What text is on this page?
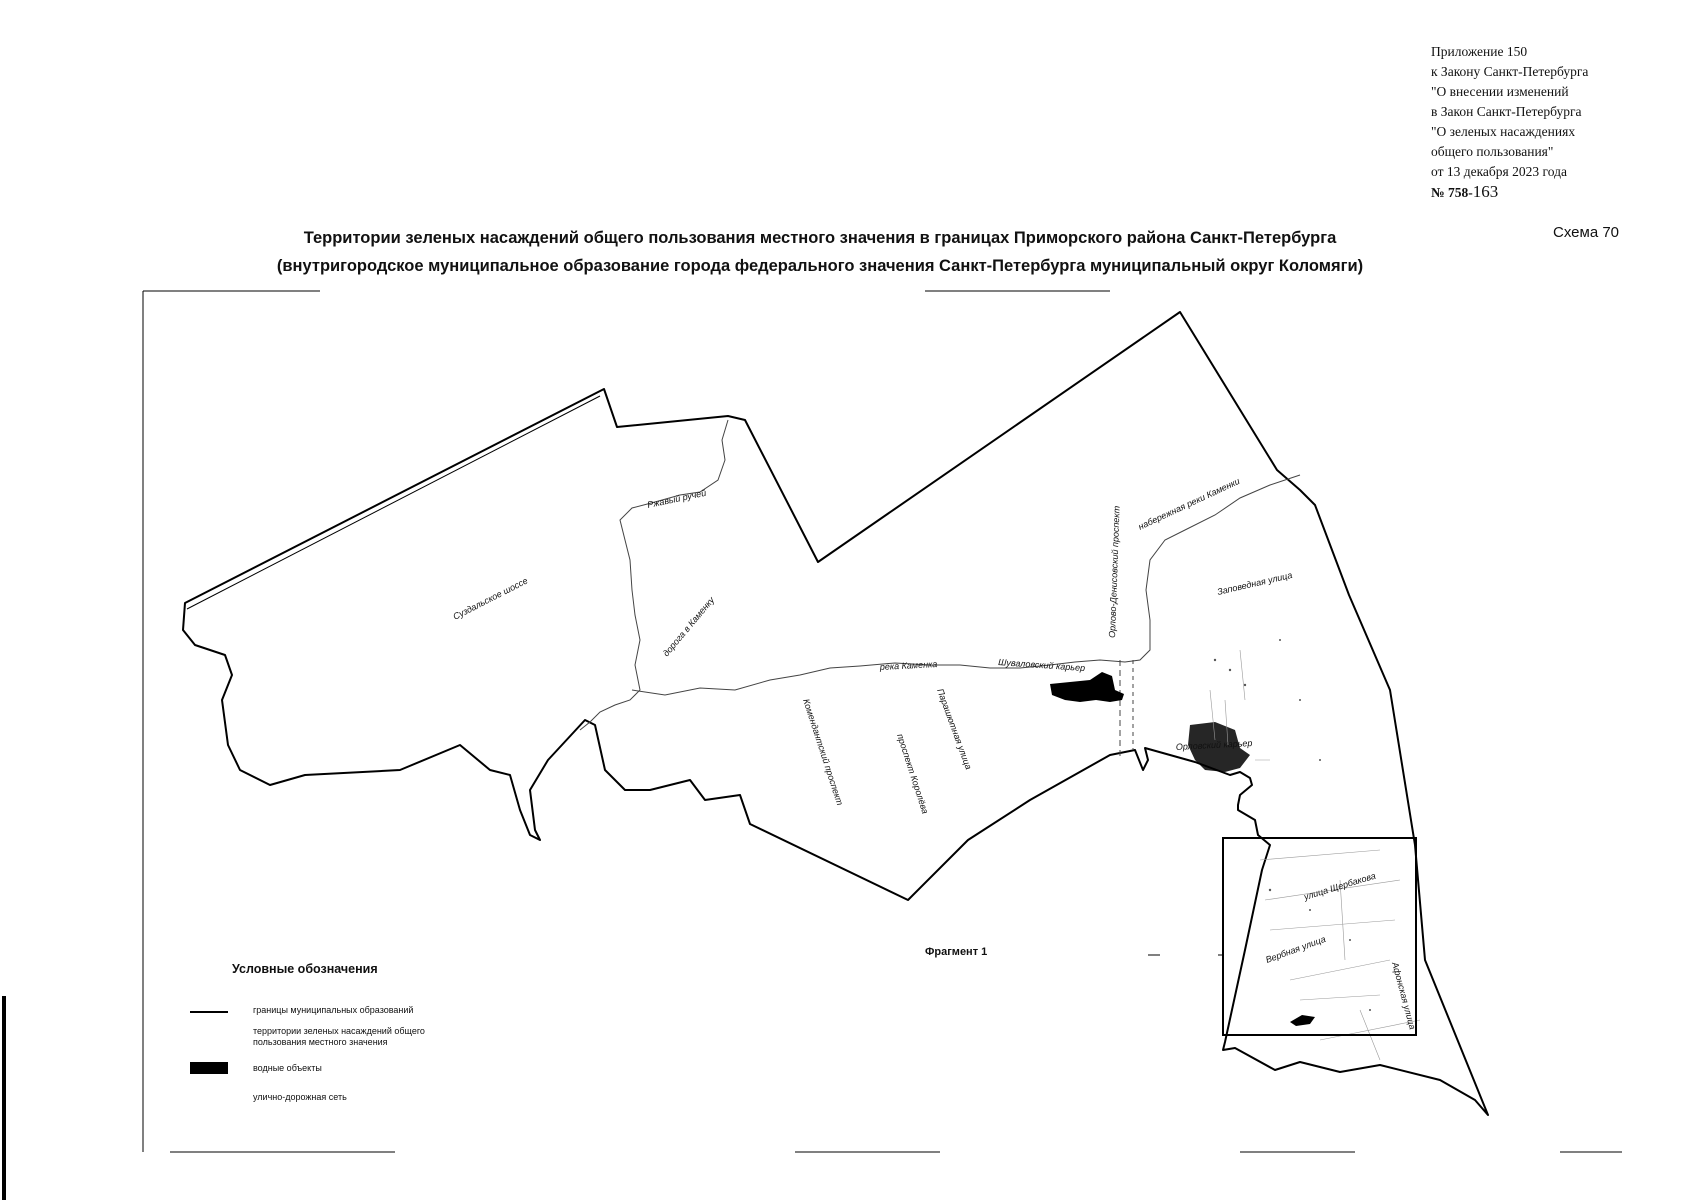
Приложение 150
к Закону Санкт-Петербурга
"О внесении изменений
в Закон Санкт-Петербурга
"О зеленых насаждениях
общего пользования"
от 13 декабря 2023 года
№ 758-163
Территории зеленых насаждений общего пользования местного значения в границах Приморского района Санкт-Петербурга
(внутригородское муниципальное образование города федерального значения Санкт-Петербурга муниципальный округ Коломяги)
Схема 70
Суздальское шоссе
Ржавый ручей
дорога в Каменку
река Каменка	Шуваловский карьер
Орлово-Денисовский проспект
набережная реки Каменки
Заповедная улица
Орловский карьер
Парашютная улица
проспект Королёва
Комендантский проспект
улица Щербакова
Вербная улица
Афонская улица
Фрагмент 1
Условные обозначения
границы муниципальных образований
территории зеленых насаждений общего
пользования местного значения
водные объекты
улично-дорожная сеть
